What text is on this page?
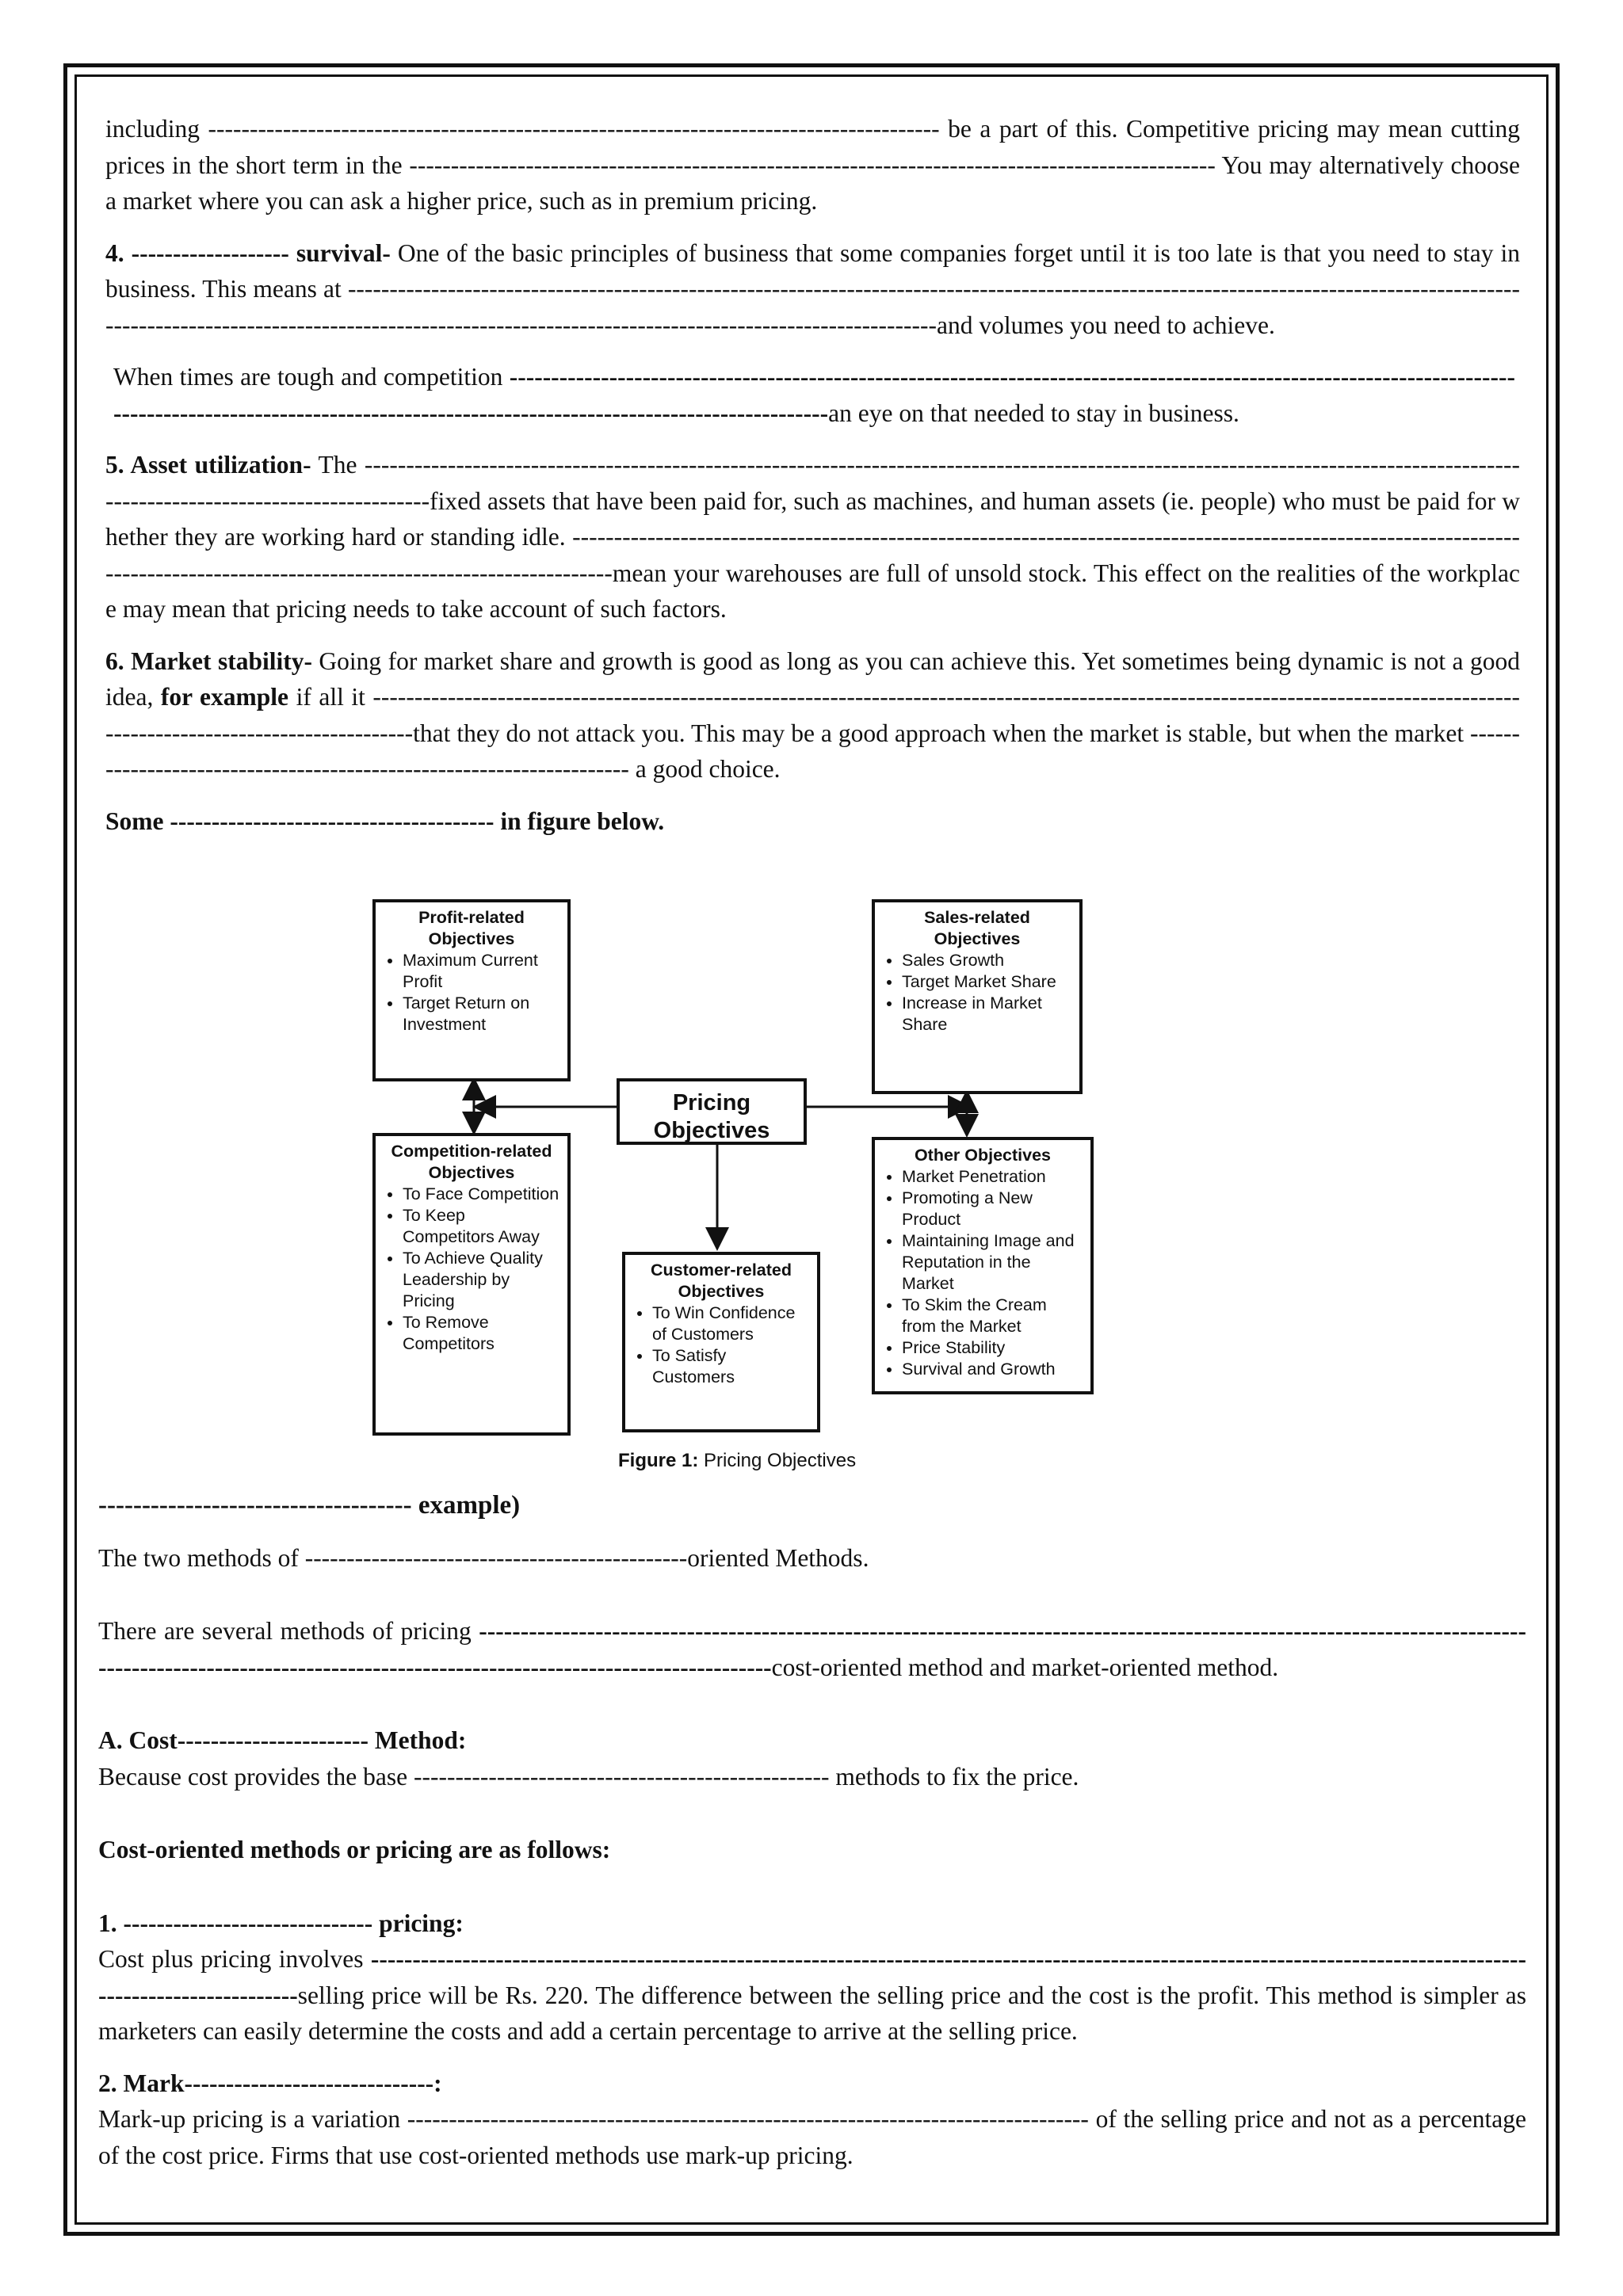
including ---------------------------------------------------------------------------------------- be a part of this. Competitive pricing may mean cutting prices in the short term in the ------------------------------------------------------------------------------------------------- You may alternatively choose a market where you can ask a higher price, such as in premium pricing.

4. ------------------- survival- One of the basic principles of business that some companies forget until it is too late is that you need to stay in business. This means at -------------------------------------------------------------------------------------------------------------------------------------------------------------------------------------------------------------------------------------------------and volumes you need to achieve.

When times are tough and competition ---------------------------------------------------------------------------------------------------------------------------------------------------------------------------------------------------------------an eye on that needed to stay in business.

5. Asset utilization- The ----------------------------------------------------------------------------------------------------------------------------------------------------------------------------------fixed assets that have been paid for, such as machines, and human assets (ie. people) who must be paid for whether they are working hard or standing idle. -------------------------------------------------------------------------------------------------------------------------------------------------------------------------------mean your warehouses are full of unsold stock. This effect on the realities of the workplace may mean that pricing needs to take account of such factors.

6. Market stability- Going for market share and growth is good as long as you can achieve this. Yet sometimes being dynamic is not a good idea, for example if all it -------------------------------------------------------------------------------------------------------------------------------------------------------------------------------that they do not attack you. This may be a good approach when the market is stable, but when the market --------------------------------------------------------------------- a good choice.

Some --------------------------------------- in figure below.

Profit-related Objectives
• Maximum Current Profit
• Target Return on Investment
Sales-related Objectives
• Sales Growth
• Target Market Share
• Increase in Market Share
Pricing Objectives
Competition-related Objectives
• To Face Competition
• To Keep Competitors Away
• To Achieve Quality Leadership by Pricing
• To Remove Competitors
Customer-related Objectives
• To Win Confidence of Customers
• To Satisfy Customers
Other Objectives
• Market Penetration
• Promoting a New Product
• Maintaining Image and Reputation in the Market
• To Skim the Cream from the Market
• Price Stability
• Survival and Growth
Figure 1: Pricing Objectives

------------------------------------ example)

The two methods of ----------------------------------------------oriented Methods.

There are several methods of pricing ---------------------------------------------------------------------------------------------------------------------------------------------------------------------------------------------------------------cost-oriented method and market-oriented method.

A. Cost----------------------- Method:

Because cost provides the base -------------------------------------------------- methods to fix the price.

Cost-oriented methods or pricing are as follows:

1. ------------------------------ pricing:

Cost plus pricing involves -------------------------------------------------------------------------------------------------------------------------------------------------------------------selling price will be Rs. 220. The difference between the selling price and the cost is the profit. This method is simpler as marketers can easily determine the costs and add a certain percentage to arrive at the selling price.

2. Mark------------------------------:

Mark-up pricing is a variation ---------------------------------------------------------------------------------- of the selling price and not as a percentage of the cost price. Firms that use cost-oriented methods use mark-up pricing.
